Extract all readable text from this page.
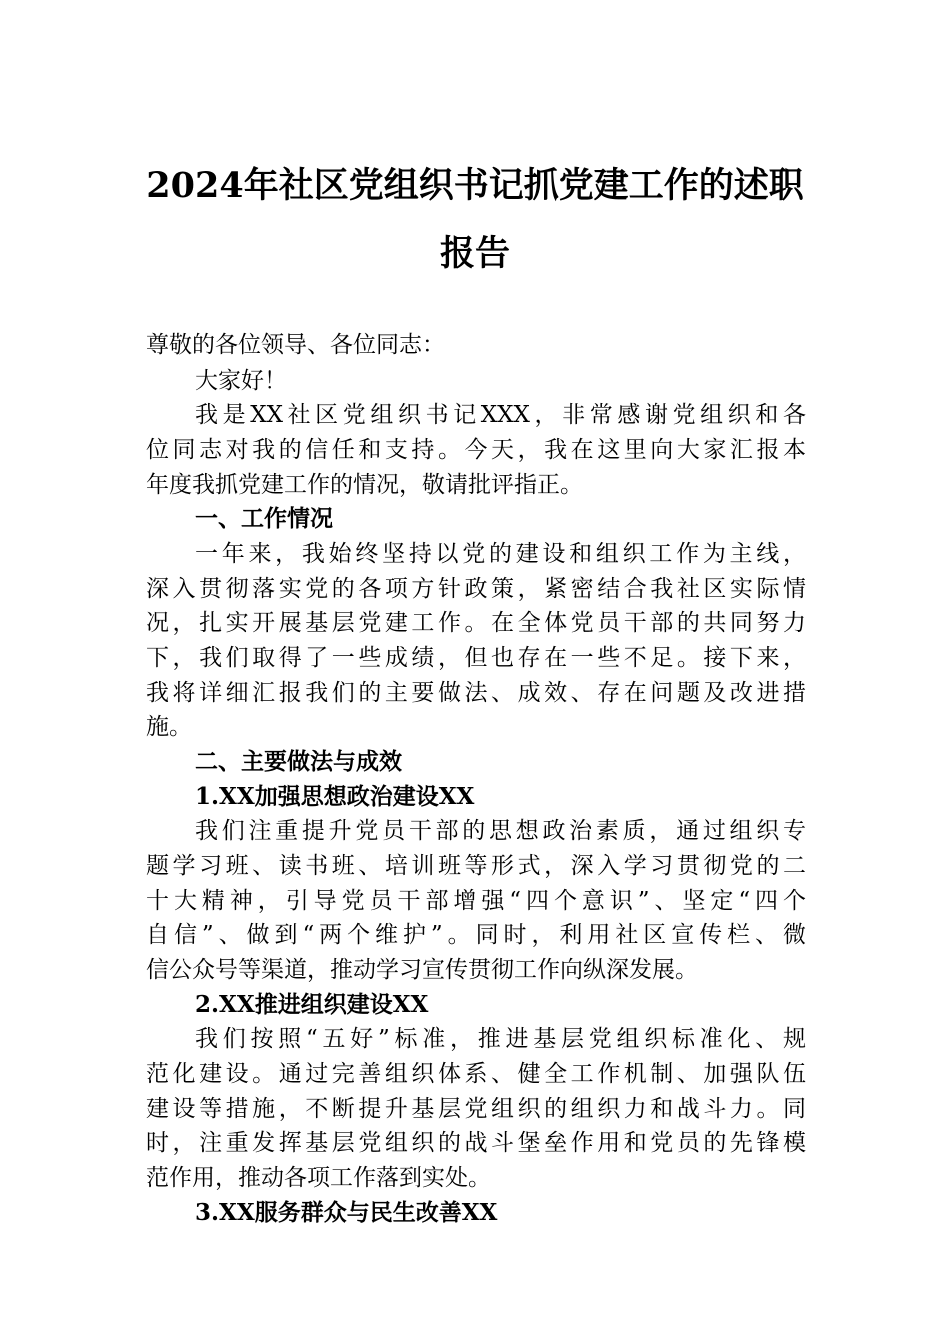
2024年社区党组织书记抓党建工作的述职
报告
尊敬的各位领导、各位同志：
大家好！
我是XX社区党组织书记XXX，非常感谢党组织和各
位同志对我的信任和支持。今天，我在这里向大家汇报本
年度我抓党建工作的情况，敬请批评指正。
一、工作情况
一年来，我始终坚持以党的建设和组织工作为主线，
深入贯彻落实党的各项方针政策，紧密结合我社区实际情
况，扎实开展基层党建工作。在全体党员干部的共同努力
下，我们取得了一些成绩，但也存在一些不足。接下来，
我将详细汇报我们的主要做法、成效、存在问题及改进措
施。
二、主要做法与成效
1.XX加强思想政治建设XX
我们注重提升党员干部的思想政治素质，通过组织专
题学习班、读书班、培训班等形式，深入学习贯彻党的二
十大精神，引导党员干部增强“四个意识”、坚定“四个
自信”、做到“两个维护”。同时，利用社区宣传栏、微
信公众号等渠道，推动学习宣传贯彻工作向纵深发展。
2.XX推进组织建设XX
我们按照“五好”标准，推进基层党组织标准化、规
范化建设。通过完善组织体系、健全工作机制、加强队伍
建设等措施，不断提升基层党组织的组织力和战斗力。同
时，注重发挥基层党组织的战斗堡垒作用和党员的先锋模
范作用，推动各项工作落到实处。
3.XX服务群众与民生改善XX
